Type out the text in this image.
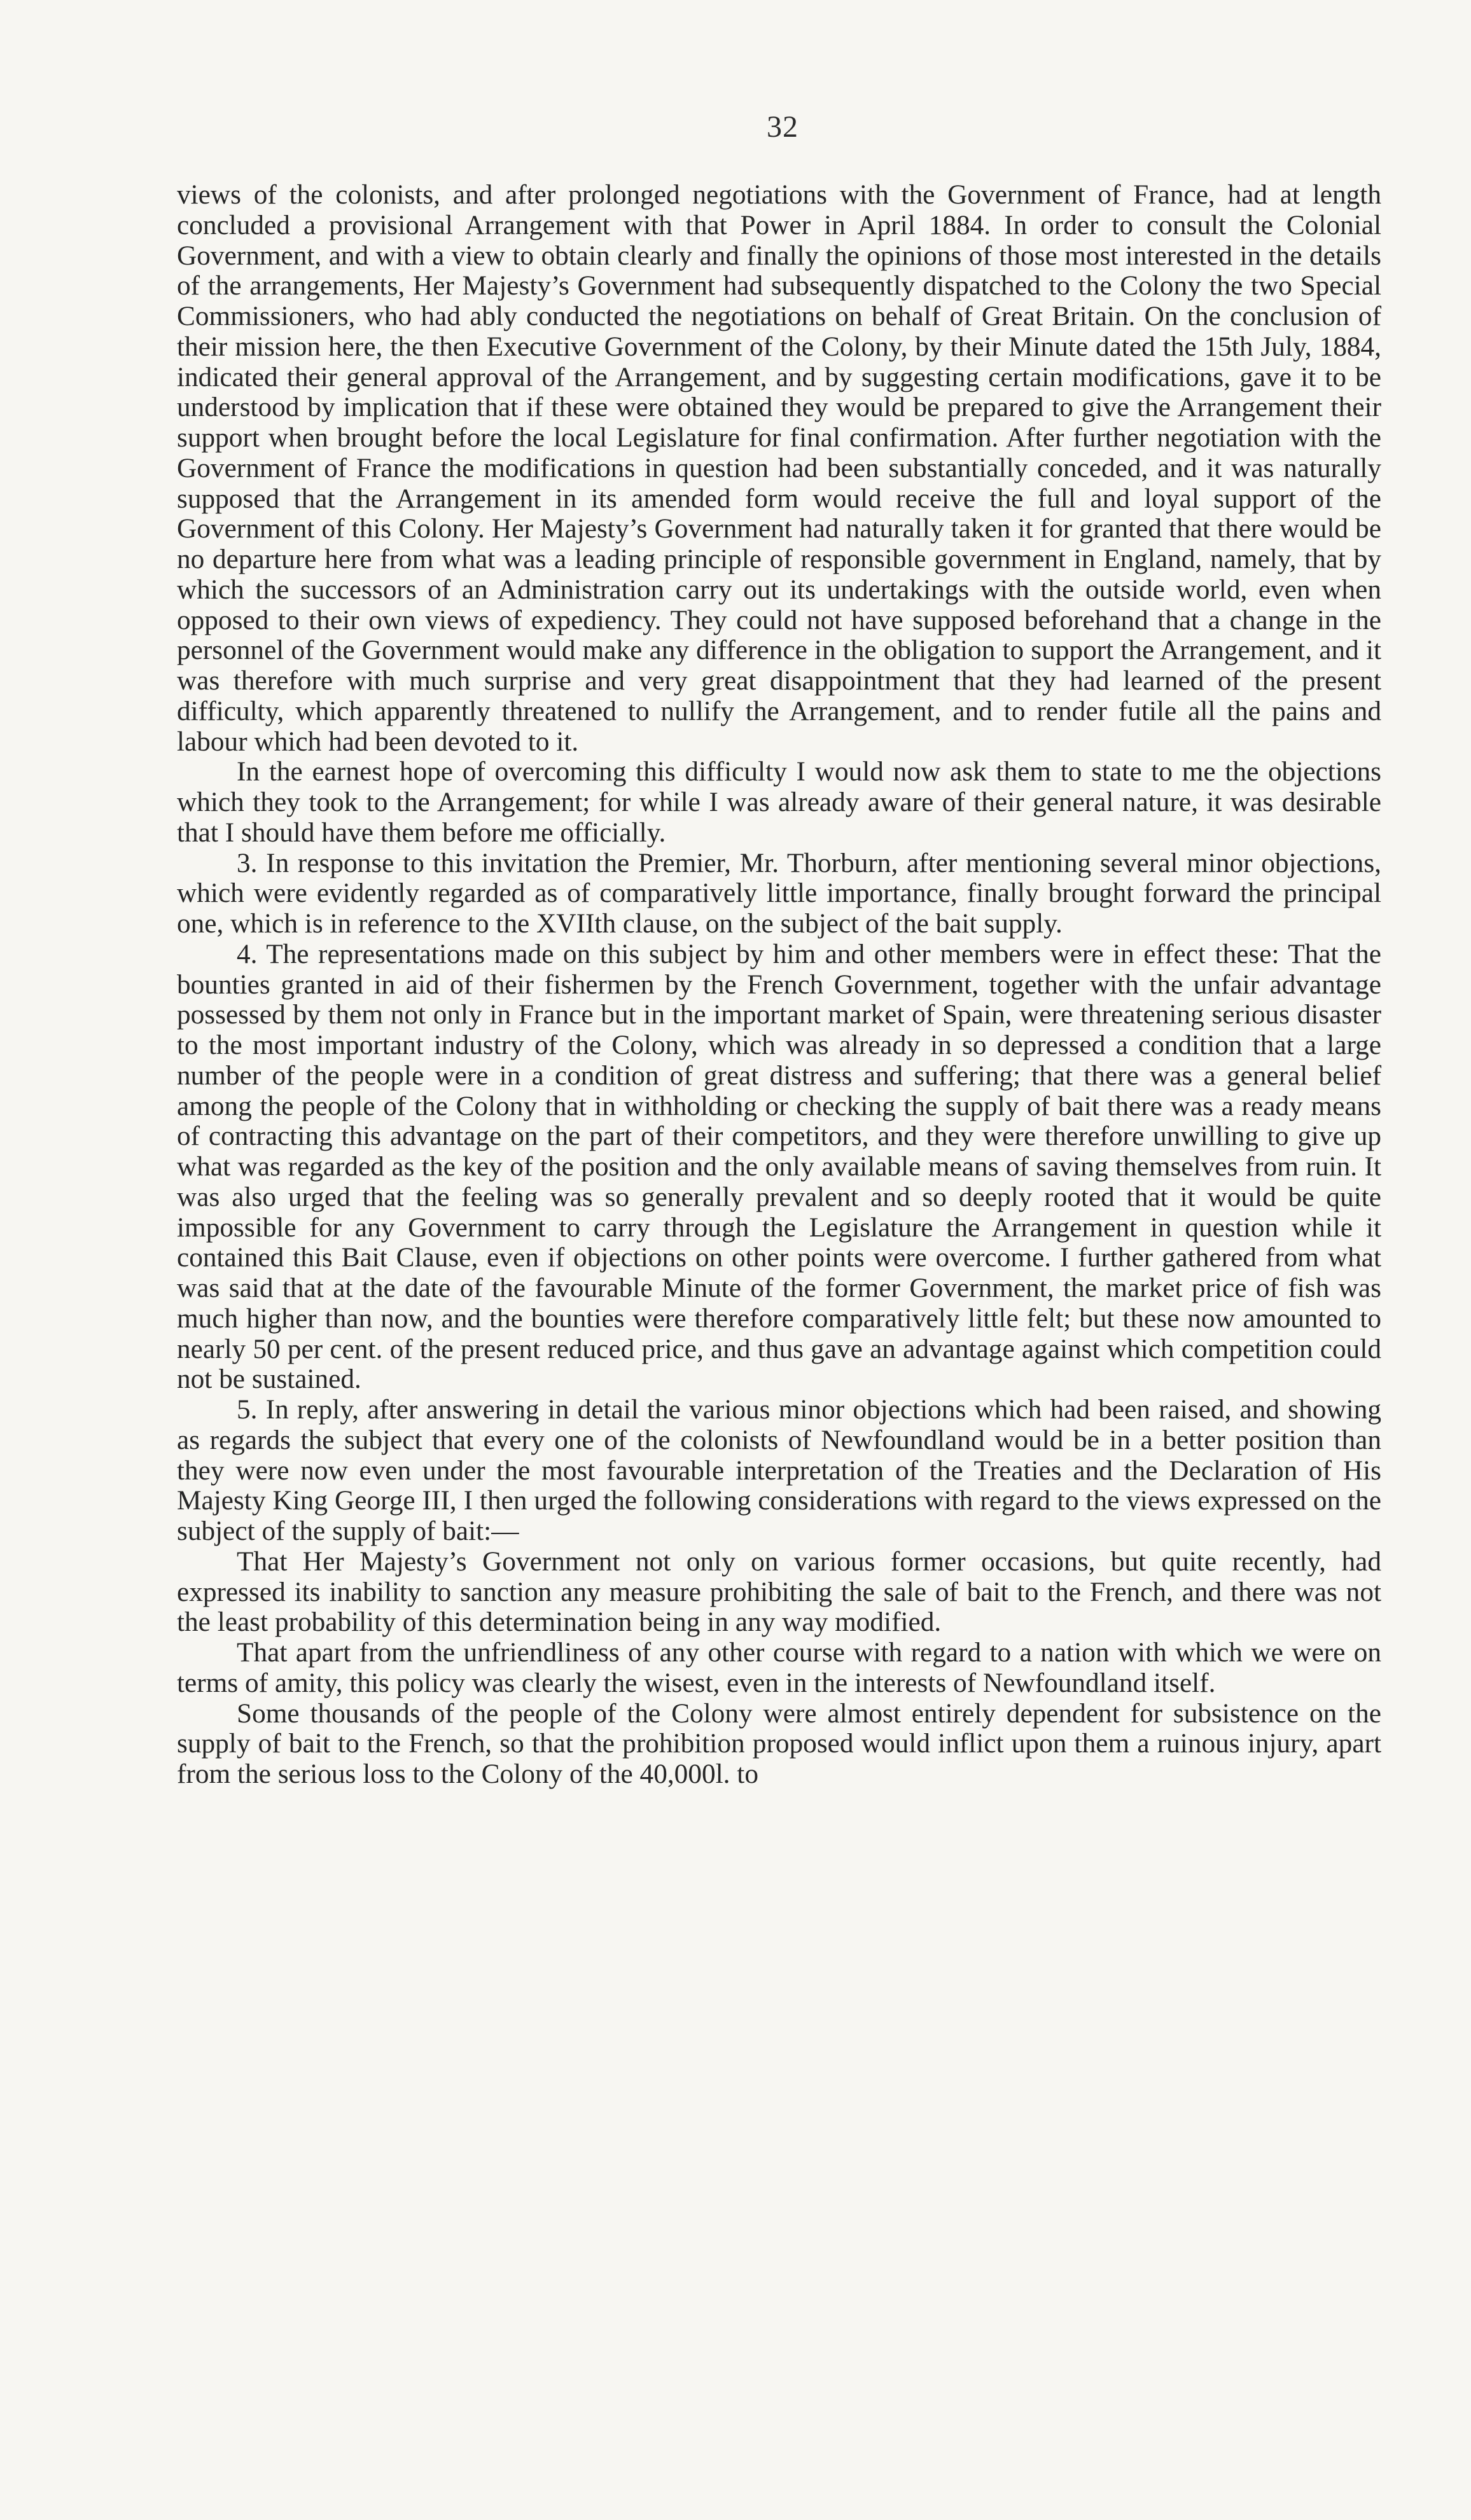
32

views of the colonists, and after prolonged negotiations with the Government of France, had at length concluded a provisional Arrangement with that Power in April 1884. In order to consult the Colonial Government, and with a view to obtain clearly and finally the opinions of those most interested in the details of the arrangements, Her Majesty’s Government had subsequently dispatched to the Colony the two Special Commissioners, who had ably conducted the negotiations on behalf of Great Britain. On the conclusion of their mission here, the then Executive Government of the Colony, by their Minute dated the 15th July, 1884, indicated their general approval of the Arrangement, and by suggesting certain modifications, gave it to be understood by implication that if these were obtained they would be prepared to give the Arrangement their support when brought before the local Legislature for final confirmation. After further negotiation with the Government of France the modifications in question had been substantially conceded, and it was naturally supposed that the Arrangement in its amended form would receive the full and loyal support of the Government of this Colony. Her Majesty’s Government had naturally taken it for granted that there would be no departure here from what was a leading principle of responsible government in England, namely, that by which the successors of an Administration carry out its undertakings with the outside world, even when opposed to their own views of expediency. They could not have supposed beforehand that a change in the personnel of the Government would make any difference in the obligation to support the Arrangement, and it was therefore with much surprise and very great disappointment that they had learned of the present difficulty, which apparently threatened to nullify the Arrangement, and to render futile all the pains and labour which had been devoted to it.

In the earnest hope of overcoming this difficulty I would now ask them to state to me the objections which they took to the Arrangement; for while I was already aware of their general nature, it was desirable that I should have them before me officially.

3. In response to this invitation the Premier, Mr. Thorburn, after mentioning several minor objections, which were evidently regarded as of comparatively little importance, finally brought forward the principal one, which is in reference to the XVIIth clause, on the subject of the bait supply.

4. The representations made on this subject by him and other members were in effect these: That the bounties granted in aid of their fishermen by the French Government, together with the unfair advantage possessed by them not only in France but in the important market of Spain, were threatening serious disaster to the most important industry of the Colony, which was already in so depressed a condition that a large number of the people were in a condition of great distress and suffering; that there was a general belief among the people of the Colony that in withholding or checking the supply of bait there was a ready means of contracting this advantage on the part of their competitors, and they were therefore unwilling to give up what was regarded as the key of the position and the only available means of saving themselves from ruin. It was also urged that the feeling was so generally prevalent and so deeply rooted that it would be quite impossible for any Government to carry through the Legislature the Arrangement in question while it contained this Bait Clause, even if objections on other points were overcome. I further gathered from what was said that at the date of the favourable Minute of the former Government, the market price of fish was much higher than now, and the bounties were therefore comparatively little felt; but these now amounted to nearly 50 per cent. of the present reduced price, and thus gave an advantage against which competition could not be sustained.

5. In reply, after answering in detail the various minor objections which had been raised, and showing as regards the subject that every one of the colonists of Newfoundland would be in a better position than they were now even under the most favourable interpretation of the Treaties and the Declaration of His Majesty King George III, I then urged the following considerations with regard to the views expressed on the subject of the supply of bait:—

That Her Majesty’s Government not only on various former occasions, but quite recently, had expressed its inability to sanction any measure prohibiting the sale of bait to the French, and there was not the least probability of this determination being in any way modified.

That apart from the unfriendliness of any other course with regard to a nation with which we were on terms of amity, this policy was clearly the wisest, even in the interests of Newfoundland itself.

Some thousands of the people of the Colony were almost entirely dependent for subsistence on the supply of bait to the French, so that the prohibition proposed would inflict upon them a ruinous injury, apart from the serious loss to the Colony of the 40,000l. to
